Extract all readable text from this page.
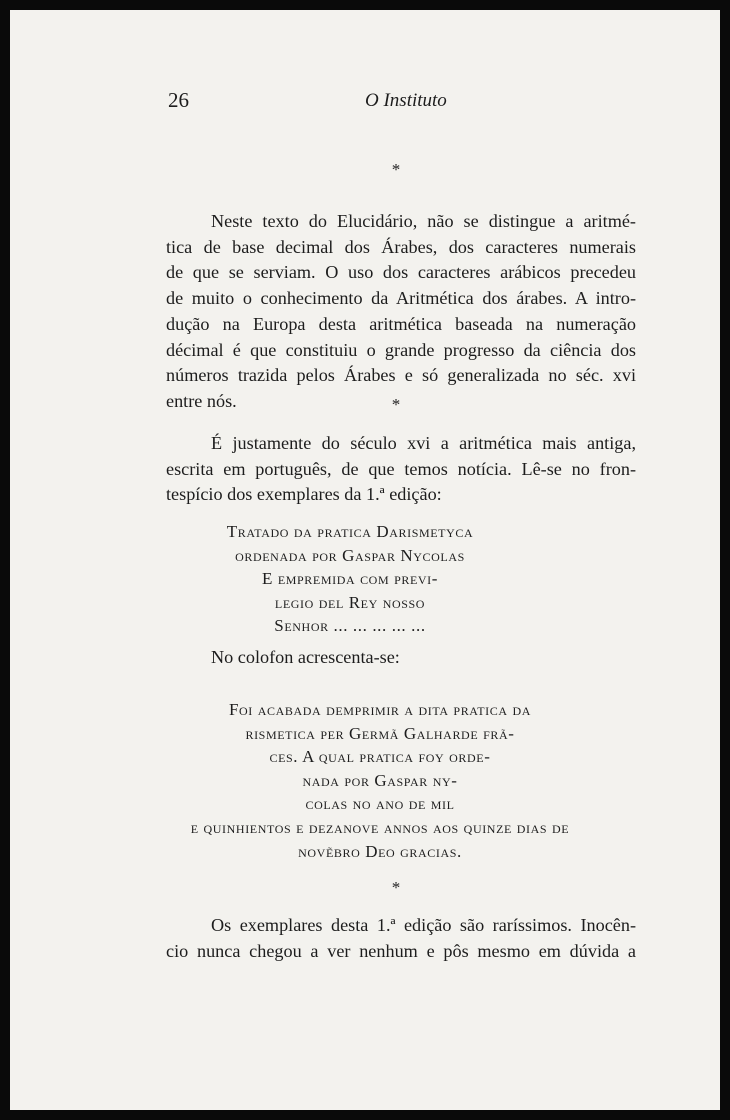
26	O Instituto
*
Neste texto do Elucidário, não se distingue a aritmé-
tica de base decimal dos Árabes, dos caracteres numerais
de que se serviam. O uso dos caracteres arábicos precedeu
de muito o conhecimento da Aritmética dos árabes. A intro-
dução na Europa desta aritmética baseada na numeração
décimal é que constituiu o grande progresso da ciência dos
números trazida pelos Árabes e só generalizada no séc. xvi
entre nós.	*
É justamente do século xvi a aritmética mais antiga,
escrita em português, de que temos notícia. Lê-se no fron-
tespício dos exemplares da 1.ª edição:
Tratado da pratica Darismetyca
ordenada por Gaspar Nycolas
E empremida com previ-
legio del Rey nosso
Senhor ... ... ... ... ...
No colofon acrescenta-se:
Foi acabada demprimir a dita pratica da
rismetica per Germã Galharde frã-
ces. A qual pratica foy orde-
nada por Gaspar ny-
colas no ano de mil
e quinhientos e dezanove annos aos quinze dias de
novẽbro Deo gracias.
*
Os exemplares desta 1.ª edição são raríssimos. Inocên-
cio nunca chegou a ver nenhum e pôs mesmo em dúvida a
